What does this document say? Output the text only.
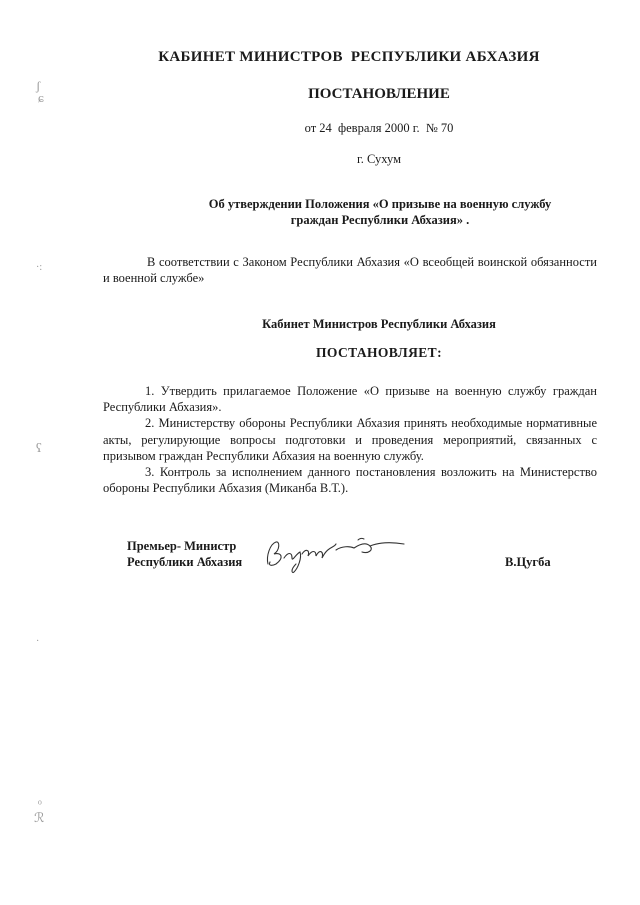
ʃ
ɕ
·:
ʕ
·
ᵒ
ℛ
КАБИНЕТ МИНИСТРОВ  РЕСПУБЛИКИ АБХАЗИЯ
ПОСТАНОВЛЕНИЕ
от 24  февраля 2000 г.  № 70
г. Сухум
Об утверждении Положения «О призыве на военную службу
граждан Республики Абхазия» .
В соответствии с Законом Республики Абхазия «О всеобщей воинской обязанности и военной службе»
Кабинет Министров Республики Абхазия
ПОСТАНОВЛЯЕТ:

1. Утвердить прилагаемое Положение «О призыве на военную службу граждан Республики Абхазия».

2. Министерству обороны Республики Абхазия принять необходимые нормативные акты, регулирующие вопросы подготовки и проведения мероприятий, связанных с призывом граждан Республики Абхазия на военную службу.

3. Контроль за исполнением данного постановления возложить на Министерство обороны Республики Абхазия (Миканба В.Т.).

Премьер- Министр
Республики Абхазия	В.Цугба
